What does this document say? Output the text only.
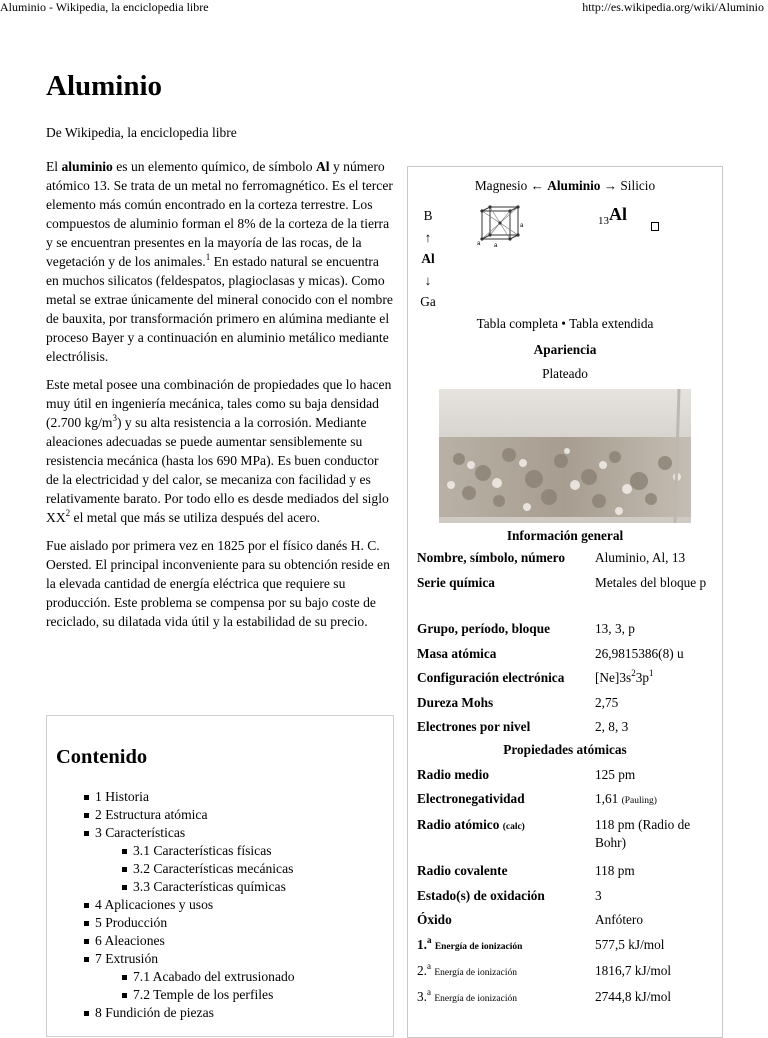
Aluminio - Wikipedia, la enciclopedia libre	http://es.wikipedia.org/wiki/Aluminio
Aluminio
De Wikipedia, la enciclopedia libre

El aluminio es un elemento químico, de símbolo Al y número atómico 13. Se trata de un metal no ferromagnético. Es el tercer elemento más común encontrado en la corteza terrestre. Los compuestos de aluminio forman el 8% de la corteza de la tierra y se encuentran presentes en la mayoría de las rocas, de la vegetación y de los animales.$^1$ En estado natural se encuentra en muchos silicatos (feldespatos, plagioclasas y micas). Como metal se extrae únicamente del mineral conocido con el nombre de bauxita, por transformación primero en alúmina mediante el proceso Bayer y a continuación en aluminio metálico mediante electrólisis.

Este metal posee una combinación de propiedades que lo hacen muy útil en ingeniería mecánica, tales como su baja densidad (2.700 $kg/m^3$) y su alta resistencia a la corrosión. Mediante aleaciones adecuadas se puede aumentar sensiblemente su resistencia mecánica (hasta los 690 MPa). Es buen conductor de la electricidad y del calor, se mecaniza con facilidad y es relativamente barato. Por todo ello es desde mediados del siglo $XX^2$ el metal que más se utiliza después del acero.

Fue aislado por primera vez en 1825 por el físico danés H. C. Oersted. El principal inconveniente para su obtención reside en la elevada cantidad de energía eléctrica que requiere su producción. Este problema se compensa por su bajo coste de reciclado, su dilatada vida útil y la estabilidad de su precio.

Contenido
1 Historia
2 Estructura atómica
3 Características
3.1 Características físicas
3.2 Características mecánicas
3.3 Características químicas
4 Aplicaciones y usos
5 Producción
6 Aleaciones
7 Extrusión
7.1 Acabado del extrusionado
7.2 Temple de los perfiles
8 Fundición de piezas
Magnesio ← Aluminio → Silicio
B
↑
Al
↓
Ga
a
a
a
$_{13}$Al
Tabla completa • Tabla extendida
Apariencia
Plateado
Información general
Nombre, símbolo, número	Aluminio, Al, 13
Serie química	Metales del bloque p
Grupo, período, bloque	13, 3, p
Masa atómica	26,9815386(8) u
Configuración electrónica	$[Ne]3s^23p^1$
Dureza Mohs	2,75
Electrones por nivel	2, 8, 3
Propiedades atómicas
Radio medio	125 pm
Electronegatividad	1,61 (Pauling)
Radio atómico (calc)	118 pm (Radio de Bohr)
Radio covalente	118 pm
Estado(s) de oxidación	3
Óxido	Anfótero
1.$^a$ Energía de ionización	577,5 kJ/mol
2.$^a$ Energía de ionización	1816,7 kJ/mol
3.$^a$ Energía de ionización	2744,8 kJ/mol
